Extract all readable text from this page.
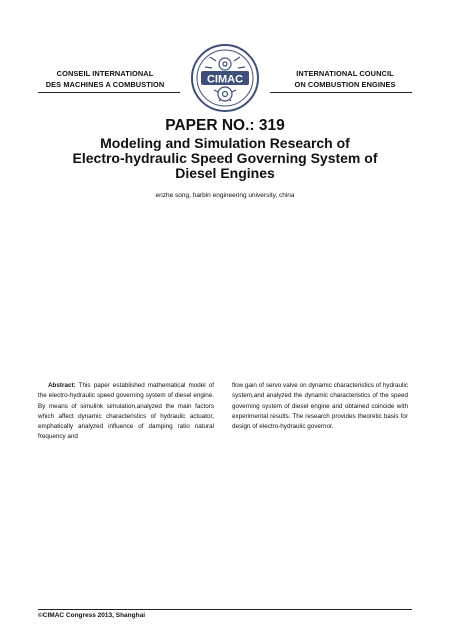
CONSEIL INTERNATIONAL
DES MACHINES A COMBUSTION	CIMAC	INTERNATIONAL COUNCIL
ON COMBUSTION ENGINES
PAPER NO.: 319
Modeling and Simulation Research of
Electro-hydraulic Speed Governing System of
Diesel Engines
enzhe song, harbin engineering university, china
Abstract: This paper established mathematical model of the electro-hydraulic speed governing system of diesel engine. By means of simulink simulation,analyzed the main factors which affect dynamic characteristics of hydraulic actuator, emphatically analyzed influence of damping ratio natural frequency and
flow gain of servo valve on dynamic characteristics of hydraulic system,and analyzed the dynamic characteristics of the speed governing system of diesel engine and obtained coincide with experimental results. The research provides theoretic basis for design of electro-hydraulic governor.
©CIMAC Congress 2013, Shanghai
